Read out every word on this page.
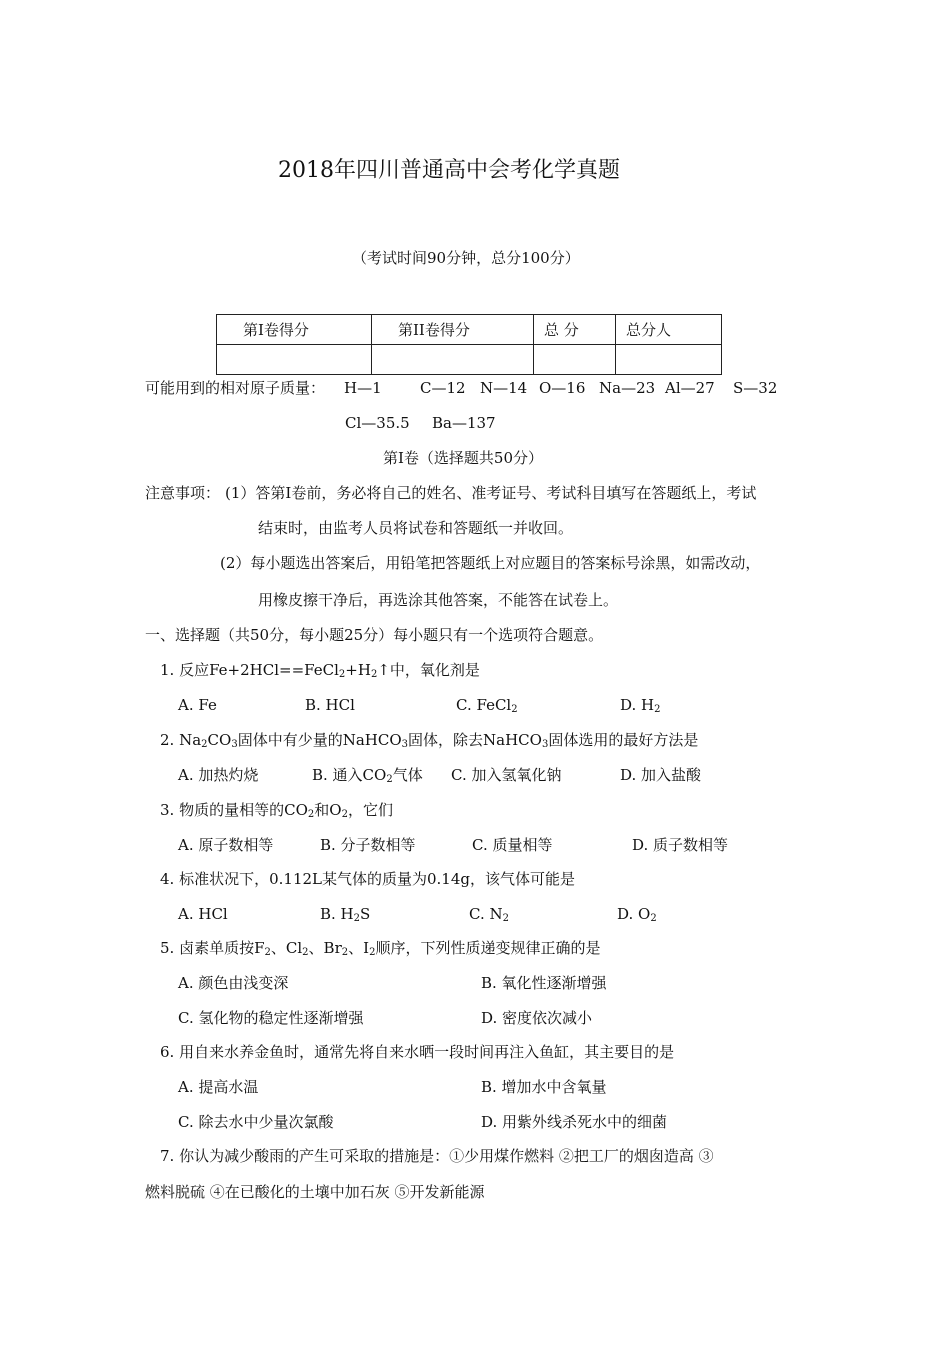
2018年四川普通高中会考化学真题
（考试时间90分钟，总分100分）
第Ⅰ卷得分	第II卷得分	总 分	总分人

可能用到的相对原子质量： H—1	C—12 N—14 O—16 Na—23 Al—27 S—32
Cl—35.5 Ba—137
第Ⅰ卷（选择题共50分）
注意事项： (1）答第Ⅰ卷前，务必将自己的姓名、准考证号、考试科目填写在答题纸上，考试
结束时，由监考人员将试卷和答题纸一并收回。
(2）每小题选出答案后，用铅笔把答题纸上对应题目的答案标号涂黑，如需改动，
用橡皮擦干净后，再选涂其他答案，不能答在试卷上。
一、选择题（共50分，每小题25分）每小题只有一个选项符合题意。
1. 反应$Fe+2HCl==FeCl_2+H_2↑$中，氧化剂是
A. Fe	B. HCl	C. FeCl$_2$	D. $H_2$
2. $Na_2CO_3$固体中有少量的NaHCO$_3$固体，除去NaHCO$_3$固体选用的最好方法是
A. 加热灼烧	B. 通入$CO_2$气体 C. 加入氢氧化钠	D. 加入盐酸
3. 物质的量相等的$CO_2$和$O_2$，它们
A. 原子数相等	B. 分子数相等	C. 质量相等	D. 质子数相等
4. 标准状况下，0.112L某气体的质量为0.14g，该气体可能是
A. HCl	B. $H_2S$	C. $N_2$	D. $O_2$
5. 卤素单质按$F_2$、$Cl_2$、$Br_2$、$I_2$顺序，下列性质递变规律正确的是
A. 颜色由浅变深	B. 氧化性逐渐增强
C. 氢化物的稳定性逐渐增强	D. 密度依次减小
6. 用自来水养金鱼时，通常先将自来水晒一段时间再注入鱼缸，其主要目的是
A. 提高水温	B. 增加水中含氧量
C. 除去水中少量次氯酸	D. 用紫外线杀死水中的细菌
7. 你认为减少酸雨的产生可采取的措施是：①少用煤作燃料 ②把工厂的烟囱造高 ③
燃料脱硫 ④在已酸化的土壤中加石灰 ⑤开发新能源
